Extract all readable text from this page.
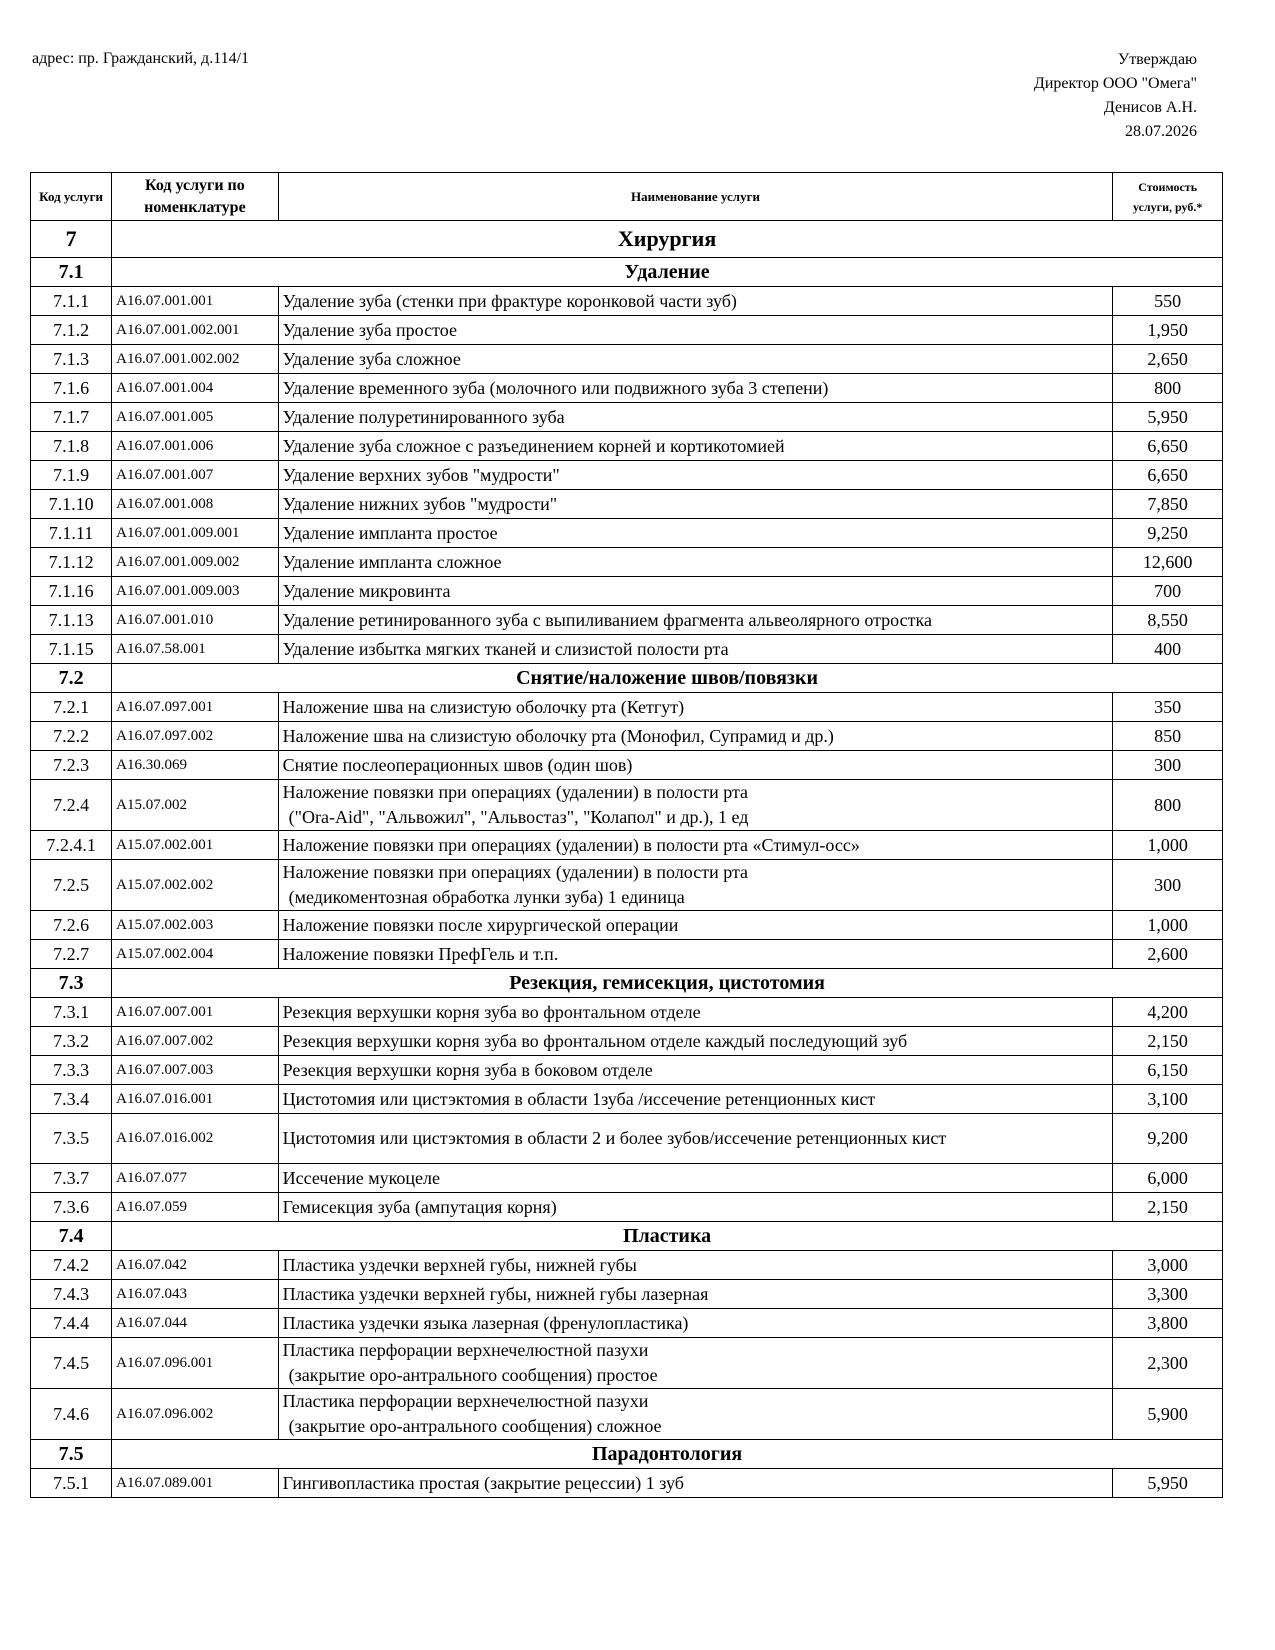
адрес: пр. Гражданский, д.114/1	Утверждаю
Директор ООО "Омега"
Денисов А.Н.
28.07.2026
Код услуги	Код услуги по номенклатуре	Наименование услуги	Стоимость услуги, руб.*
7	Хирургия		
7.1	Удаление		
7.1.1	A16.07.001.001	Удаление зуба (стенки при фрактуре коронковой части зуб)	550
7.1.2	A16.07.001.002.001	Удаление зуба простое	1,950
7.1.3	A16.07.001.002.002	Удаление зуба сложное	2,650
7.1.6	A16.07.001.004	Удаление временного зуба (молочного или подвижного зуба 3 степени)	800
7.1.7	A16.07.001.005	Удаление полуретинированного зуба	5,950
7.1.8	A16.07.001.006	Удаление зуба сложное с разъединением корней и кортикотомией	6,650
7.1.9	A16.07.001.007	Удаление верхних зубов "мудрости"	6,650
7.1.10	A16.07.001.008	Удаление нижних зубов "мудрости"	7,850
7.1.11	A16.07.001.009.001	Удаление импланта простое	9,250
7.1.12	A16.07.001.009.002	Удаление импланта сложное	12,600
7.1.16	A16.07.001.009.003	Удаление микровинта	700
7.1.13	A16.07.001.010	Удаление ретинированного зуба с выпиливанием фрагмента альвеолярного отростка	8,550
7.1.15	A16.07.58.001	Удаление избытка мягких тканей и слизистой полости рта	400
7.2	Снятие/наложение швов/повязки		
7.2.1	A16.07.097.001	Наложение шва на слизистую оболочку рта (Кетгут)	350
7.2.2	A16.07.097.002	Наложение шва на слизистую оболочку рта (Монофил, Супрамид и др.)	850
7.2.3	A16.30.069	Снятие послеоперационных швов (один шов)	300
7.2.4	A15.07.002	Наложение повязки при операциях (удалении) в полости рта
("Ora-Aid", "Альвожил", "Альвостаз", "Колапол" и др.), 1 ед	800
7.2.4.1	A15.07.002.001	Наложение повязки при операциях (удалении) в полости рта «Стимул-осс»	1,000
7.2.5	A15.07.002.002	Наложение повязки при операциях (удалении) в полости рта
(медикоментозная обработка лунки зуба) 1 единица	300
7.2.6	A15.07.002.003	Наложение повязки после хирургической операции	1,000
7.2.7	A15.07.002.004	Наложение повязки ПрефГель и т.п.	2,600
7.3	Резекция, гемисекция, цистотомия		
7.3.1	A16.07.007.001	Резекция верхушки корня зуба во фронтальном отделе	4,200
7.3.2	A16.07.007.002	Резекция верхушки корня зуба во фронтальном отделе каждый последующий зуб	2,150
7.3.3	A16.07.007.003	Резекция верхушки корня зуба в боковом отделе	6,150
7.3.4	A16.07.016.001	Цистотомия или цистэктомия в области 1зуба /иссечение ретенционных кист	3,100
7.3.5	A16.07.016.002	Цистотомия или цистэктомия в области 2 и более зубов/иссечение ретенционных кист	9,200
7.3.7	A16.07.077	Иссечение мукоцеле	6,000
7.3.6	A16.07.059	Гемисекция зуба (ампутация корня)	2,150
7.4	Пластика		
7.4.2	A16.07.042	Пластика уздечки верхней губы, нижней губы	3,000
7.4.3	A16.07.043	Пластика уздечки верхней губы, нижней губы лазерная	3,300
7.4.4	A16.07.044	Пластика уздечки языка лазерная (френулопластика)	3,800
7.4.5	A16.07.096.001	Пластика перфорации верхнечелюстной пазухи
(закрытие оро-антрального сообщения) простое	2,300
7.4.6	A16.07.096.002	Пластика перфорации верхнечелюстной пазухи
(закрытие оро-антрального сообщения) сложное	5,900
7.5	Парадонтология		
7.5.1	A16.07.089.001	Гингивопластика простая (закрытие рецессии) 1 зуб	5,950
